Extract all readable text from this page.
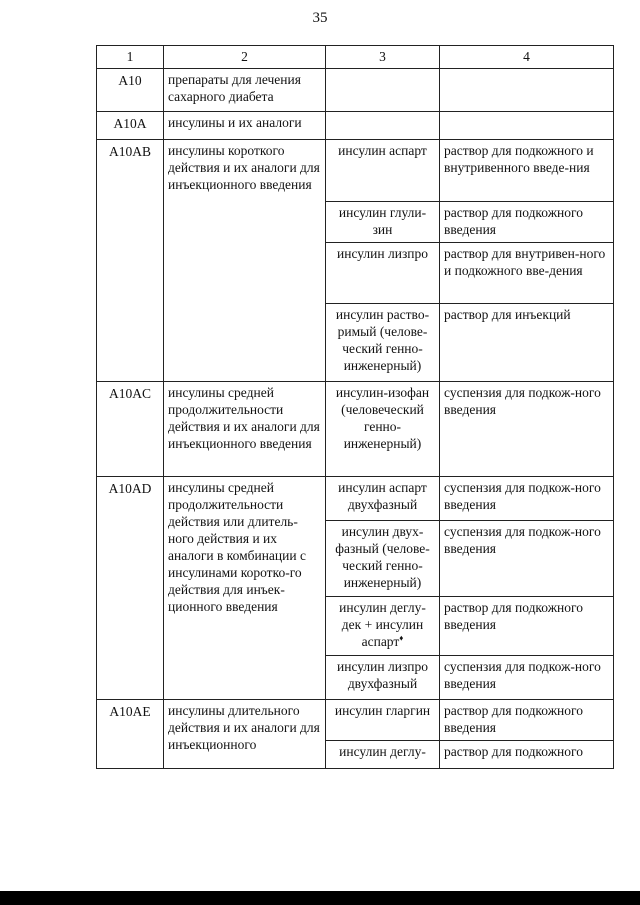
35
1	2	3	4
A10	препараты для лечения сахарного диабета		
A10A	инсулины и их аналоги		
A10AB	инсулины короткого действия и их аналоги для инъекционного введения	инсулин аспарт	раствор для подкожного и внутривенного введе-ния
		инсулин глули-зин	раствор для подкожного введения
		инсулин лизпро	раствор для внутривен-ного и подкожного вве-дения
		инсулин раство-римый (челове-ческий генно-инженерный)	раствор для инъекций
A10AC	инсулины средней продолжительности действия и их аналоги для инъекционного введения	инсулин-изофан (человеческий генно-инженерный)	суспензия для подкож-ного введения
A10AD	инсулины средней продолжительности действия или длитель-ного действия и их аналоги в комбинации с инсулинами коротко-го действия для инъек-ционного введения	инсулин аспарт двухфазный	суспензия для подкож-ного введения
		инсулин двух-фазный (челове-ческий генно-инженерный)	суспензия для подкож-ного введения
		инсулин деглу-дек + инсулин аспарт♦	раствор для подкожного введения
		инсулин лизпро двухфазный	суспензия для подкож-ного введения
A10AE	инсулины длительного действия и их аналоги для инъекционного	инсулин гларгин	раствор для подкожного введения
		инсулин деглу-	раствор для подкожного
